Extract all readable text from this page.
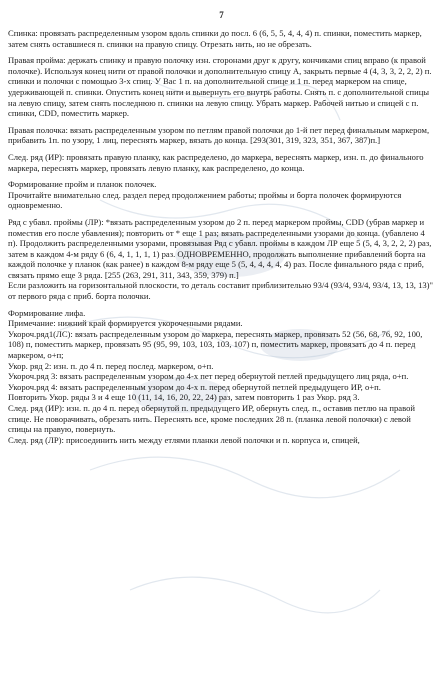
7

Спинка: провязать распределенным узором вдоль спинки до посл. 6 (6, 5, 5, 4, 4, 4) п. спинки, поместить маркер, затем снять оставшиеся п. спинки на правую спицу. Отрезать нить, но не обрезать.

Правая пройма: держать спинку и правую полочку изн. сторонами друг к другу, кончиками спиц вправо (к правой полочке). Используя конец нити от правой полочки и дополнительную спицу А, закрыть первые 4 (4, 3, 3, 2, 2, 2) п. спинки и полочки с помощью 3-х спиц. У Вас 1 п. на дополнительной спице и 1 п. перед маркером на спице, удерживающей п. спинки. Опустить конец нити и вывернуть его внутрь работы. Снять п. с дополнительной спицы на левую спицу, затем снять последнюю п. спинки на левую спицу. Убрать маркер. Рабочей нитью и спицей с п. спинки, CDD, поместить маркер.

Правая полочка: вязать распределенным узором по петлям правой полочки до 1-й пет перед финальным маркером, прибавить 1п. по узору, 1 лиц, переснять маркер, вязать до конца. [293(301, 319, 323, 351, 367, 387)п.]

След. ряд (ИР): провязать правую планку, как распределено, до маркера, вереснять маркер, изн. п. до финального маркера, переснять маркер, провязать левую планку, как распределено, до конца.

Формирование пройм и планок полочек.
Прочитайте внимательно след. раздел перед продолжением работы; проймы и борта полочек формируются одновременно.

Ряд с убавл. проймы (ЛР): *вязать распределенным узором до 2 п. перед маркером проймы, CDD (убрав маркер и поместив его после убавления); повторить от * еще 1 раз; вязать распределенными узорами до конца. (убавлено 4 п). Продолжить распределенными узорами, провязывая Ряд с убавл. проймы в каждом ЛР еще 5 (5, 4, 3, 2, 2, 2) раз, затем в каждом 4-м ряду 6 (6, 4, 1, 1, 1, 1) раз. ОДНОВРЕМЕННО, продолжать выполнение прибавлений борта на каждой полочке у планок (как ранее) в каждом 8-м ряду еще 5 (5, 4, 4, 4, 4, 4) раз. После финального ряда с приб, связать прямо еще 3 ряда. [255 (263, 291, 311, 343, 359, 379) п.]
Если разложить на горизонтальной плоскости, то деталь составит приблизительно 93/4 (93/4, 93/4, 93/4, 13, 13, 13)" от первого ряда с приб. борта полочки.

Формирование лифа.
Примечание: нижний край формируется укороченными рядами.
Укороч.ряд1(ЛС): вязать распределенным узором до маркера, переснять маркер, провязать 52 (56, 68, 76, 92, 100, 108) п, поместить маркер, провязать 95 (95, 99, 103, 103, 103, 107) п, поместить маркер, провязать до 4 п. перед маркером, о+п;
Укор. ряд 2: изн. п. до 4 п. перед послед. маркером, о+п.
Укороч.ряд 3: вязать распределенным узором до 4-х пет перед обернутой петлей предыдущего лиц ряда, о+п.
Укороч.ряд 4: вязать распределенным узором до 4-х п. перед обернутой петлей предыдущего ИР, о+п.
Повторить Укор. ряды 3 и 4 еще 10 (11, 14, 16, 20, 22, 24) раз, затем повторить 1 раз Укор. ряд 3.
След. ряд (ИР): изн. п. до 4 п. перед обернутой п. предыдущего ИР, обернуть след. п., оставив петлю на правой спице. Не поворачивать, обрезать нить. Переснять все, кроме последних 28 п. (планка левой полочки) с левой спицы на правую, повернуть.
След. ряд (ЛР): присоединить нить между етлями планки левой полочки и п. корпуса и, спицей,
